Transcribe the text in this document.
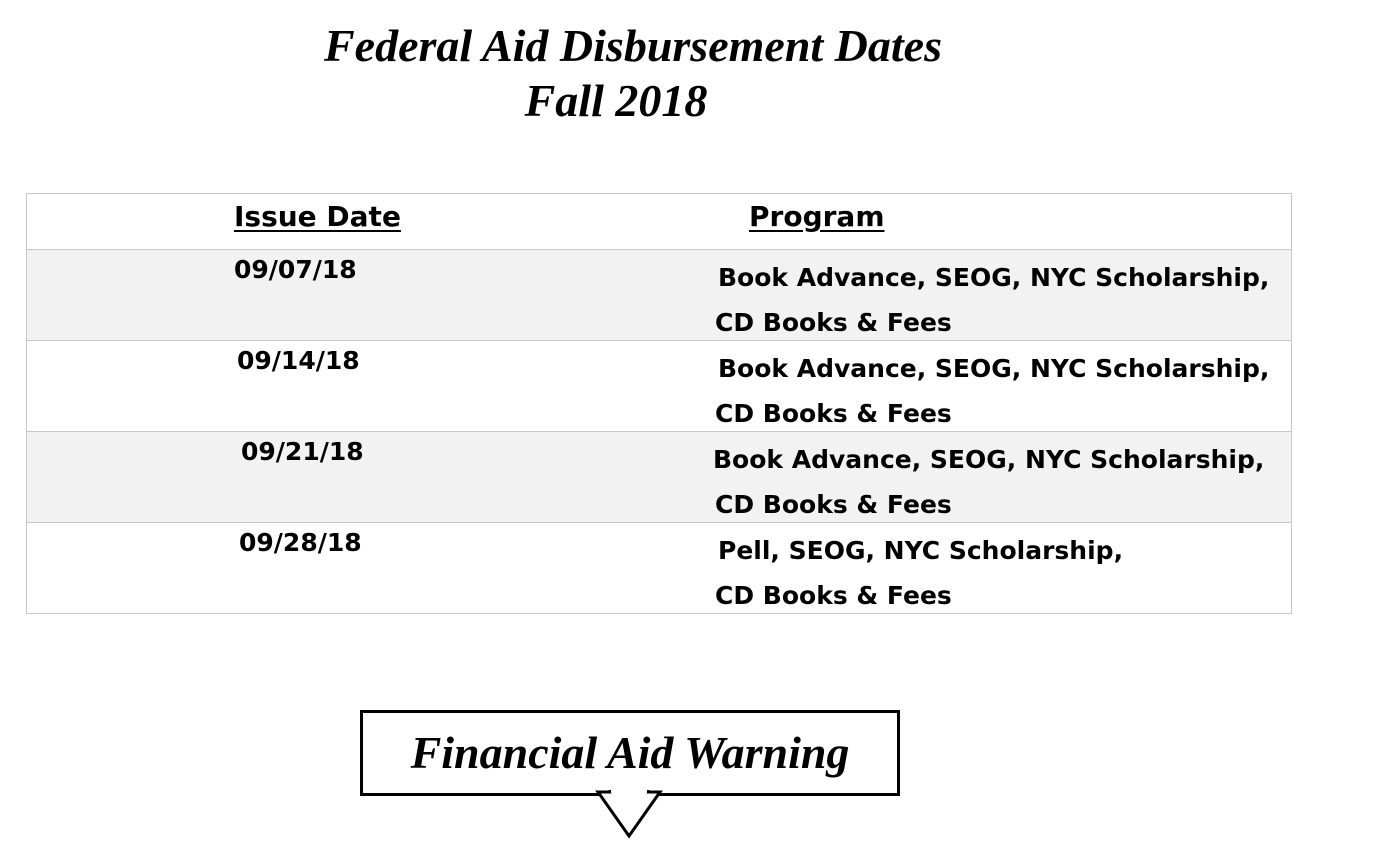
Federal Aid Disbursement Dates
Fall 2018
Issue Date	Program
09/07/18	Book Advance, SEOG, NYC Scholarship,
CD Books & Fees
09/14/18	Book Advance, SEOG, NYC Scholarship,
CD Books & Fees
09/21/18	Book Advance, SEOG, NYC Scholarship,
CD Books & Fees
09/28/18	Pell, SEOG, NYC Scholarship,
CD Books & Fees
Financial Aid Warning
